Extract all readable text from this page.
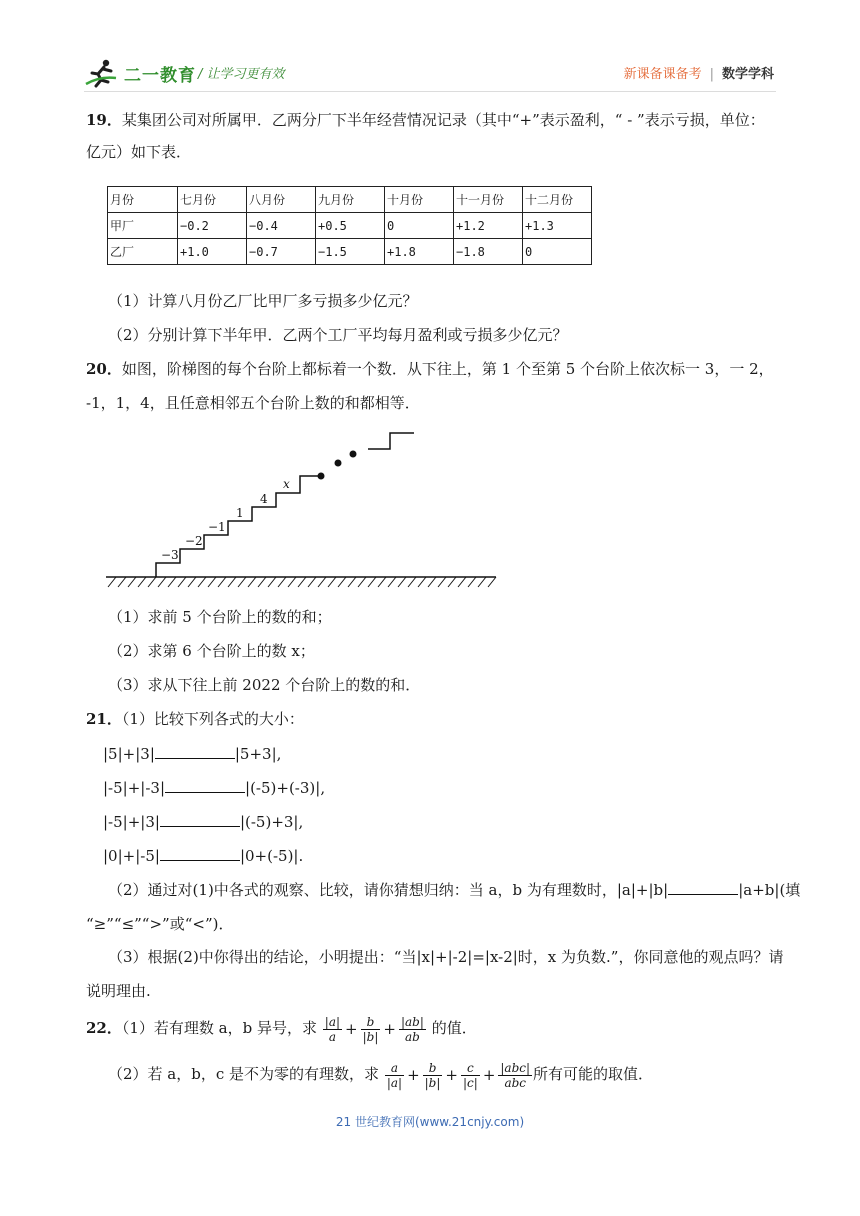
二一教育 / 让学习更有效	新课备课备考 | 数学学科
19．某集团公司对所属甲．乙两分厂下半年经营情况记录（其中“+”表示盈利，“ - ”表示亏损，单位：
亿元）如下表．
月份	七月份	八月份	九月份	十月份	十一月份	十二月份
甲厂	−0.2	−0.4	+0.5	0	+1.2	+1.3
乙厂	+1.0	−0.7	−1.5	+1.8	−1.8	0
（1）计算八月份乙厂比甲厂多亏损多少亿元？
（2）分别计算下半年甲．乙两个工厂平均每月盈利或亏损多少亿元？
20．如图，阶梯图的每个台阶上都标着一个数．从下往上，第 1 个至第 5 个台阶上依次标一 3，一 2，
-1，1，4，且任意相邻五个台阶上数的和都相等．
−3
−2
−1
1
4
x
（1）求前 5 个台阶上的数的和；
（2）求第 6 个台阶上的数 x；
（3）求从下往上前 2022 个台阶上的数的和．
21．（1）比较下列各式的大小：
|5|+|3|	|5+3|,
|-5|+|-3|	|(-5)+(-3)|,
|-5|+|3|	|(-5)+3|,
|0|+|-5|	|0+(-5)|.
（2）通过对(1)中各式的观察、比较，请你猜想归纳：当 a，b 为有理数时，|a|+|b|	|a+b|(填
“≥”“≤”“>”或“<”)．
（3）根据(2)中你得出的结论，小明提出：“当|x|+|-2|=|x-2|时，x 为负数.”，你同意他的观点吗？请
说明理由.
22．（1）若有理数 a，b 异号，求 $\frac{|a|}{a} + \frac{b}{|b|} + \frac{|ab|}{ab}$ 的值．
（2）若 a，b，c 是不为零的有理数，求 $\frac{a}{|a|} + \frac{b}{|b|} + \frac{c}{|c|} + \frac{\text{|abc|}}{\text{abc}}$ 所有可能的取值．
21 世纪教育网(www.21cnjy.com)
